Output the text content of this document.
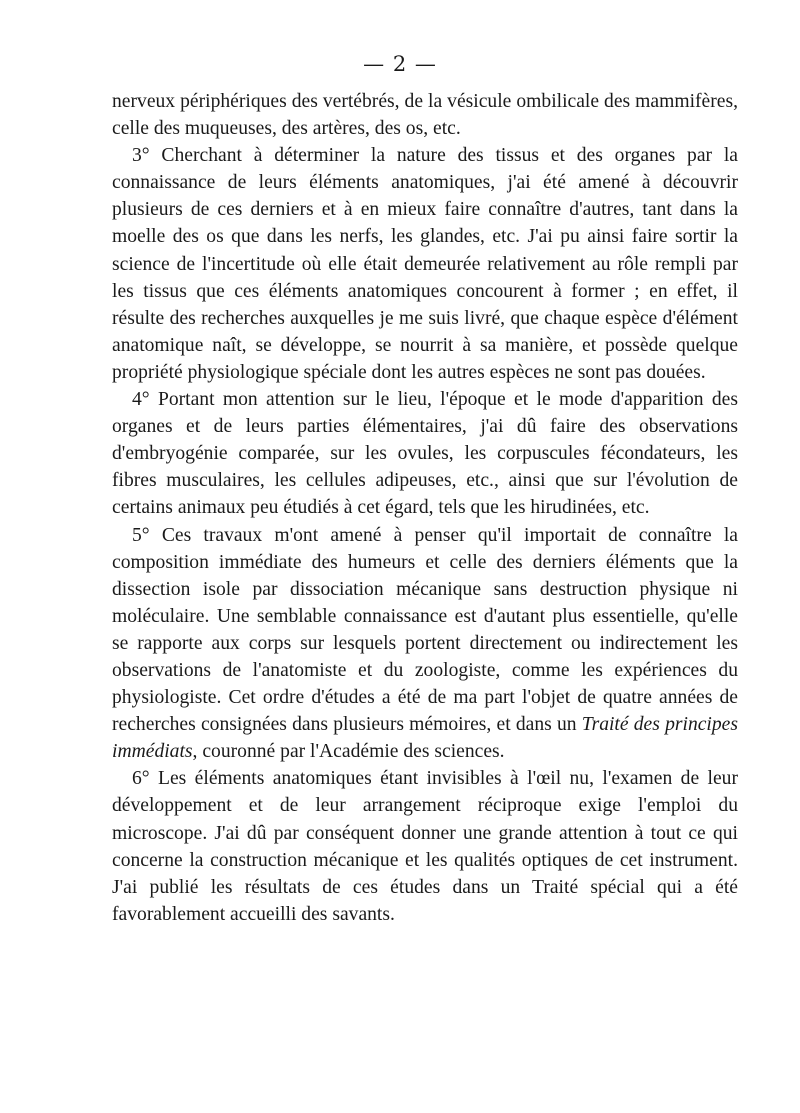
— 2 —

nerveux périphériques des vertébrés, de la vésicule ombilicale des mammifères, celle des muqueuses, des artères, des os, etc.

3° Cherchant à déterminer la nature des tissus et des organes par la connaissance de leurs éléments anatomiques, j'ai été amené à découvrir plusieurs de ces derniers et à en mieux faire connaître d'autres, tant dans la moelle des os que dans les nerfs, les glandes, etc. J'ai pu ainsi faire sortir la science de l'incertitude où elle était demeurée relativement au rôle rempli par les tissus que ces éléments anatomiques concourent à former ; en effet, il résulte des recherches auxquelles je me suis livré, que chaque espèce d'élément anatomique naît, se développe, se nourrit à sa manière, et possède quelque propriété physiologique spéciale dont les autres espèces ne sont pas douées.

4° Portant mon attention sur le lieu, l'époque et le mode d'apparition des organes et de leurs parties élémentaires, j'ai dû faire des observations d'embryogénie comparée, sur les ovules, les corpuscules fécondateurs, les fibres musculaires, les cellules adipeuses, etc., ainsi que sur l'évolution de certains animaux peu étudiés à cet égard, tels que les hirudinées, etc.

5° Ces travaux m'ont amené à penser qu'il importait de connaître la composition immédiate des humeurs et celle des derniers éléments que la dissection isole par dissociation mécanique sans destruction physique ni moléculaire. Une semblable connaissance est d'autant plus essentielle, qu'elle se rapporte aux corps sur lesquels portent directement ou indirectement les observations de l'anatomiste et du zoologiste, comme les expériences du physiologiste. Cet ordre d'études a été de ma part l'objet de quatre années de recherches consignées dans plusieurs mémoires, et dans un Traité des principes immédiats, couronné par l'Académie des sciences.

6° Les éléments anatomiques étant invisibles à l'œil nu, l'examen de leur développement et de leur arrangement réciproque exige l'emploi du microscope. J'ai dû par conséquent donner une grande attention à tout ce qui concerne la construction mécanique et les qualités optiques de cet instrument. J'ai publié les résultats de ces études dans un Traité spécial qui a été favorablement accueilli des savants.
